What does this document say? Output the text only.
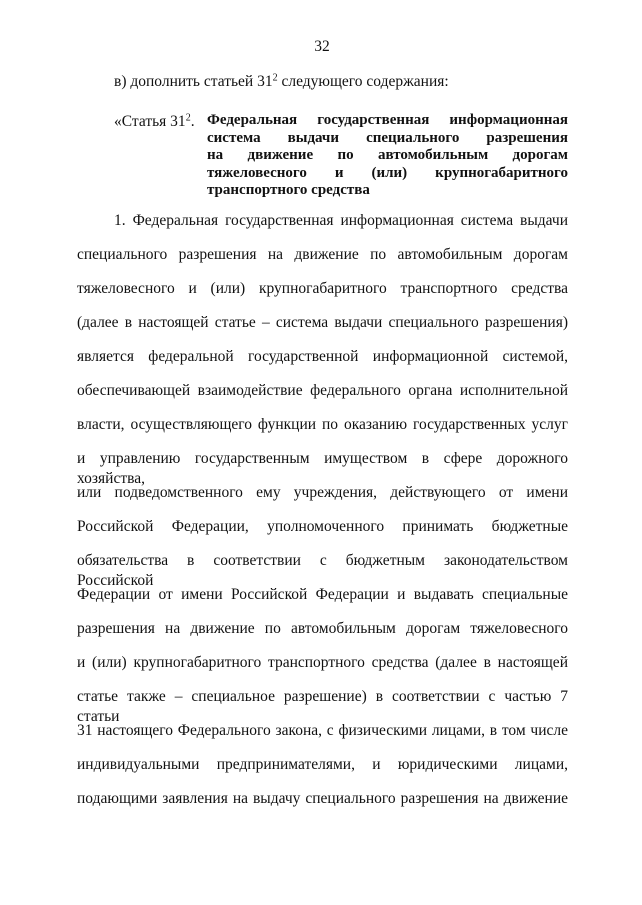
32
в) дополнить статьей $31^2$ следующего содержания:
«Статья $31^2$. Федеральная государственная информационная
система выдачи специального разрешения
на движение по автомобильным дорогам
тяжеловесного и (или) крупногабаритного
транспортного средства
1. Федеральная государственная информационная система выдачи
специального разрешения на движение по автомобильным дорогам
тяжеловесного и (или) крупногабаритного транспортного средства
(далее в настоящей статье – система выдачи специального разрешения)
является федеральной государственной информационной системой,
обеспечивающей взаимодействие федерального органа исполнительной
власти, осуществляющего функции по оказанию государственных услуг
и управлению государственным имуществом в сфере дорожного хозяйства,
или подведомственного ему учреждения, действующего от имени
Российской Федерации, уполномоченного принимать бюджетные
обязательства в соответствии с бюджетным законодательством Российской
Федерации от имени Российской Федерации и выдавать специальные
разрешения на движение по автомобильным дорогам тяжеловесного
и (или) крупногабаритного транспортного средства (далее в настоящей
статье также – специальное разрешение) в соответствии с частью 7 статьи
31 настоящего Федерального закона, с физическими лицами, в том числе
индивидуальными предпринимателями, и юридическими лицами,
подающими заявления на выдачу специального разрешения на движение
